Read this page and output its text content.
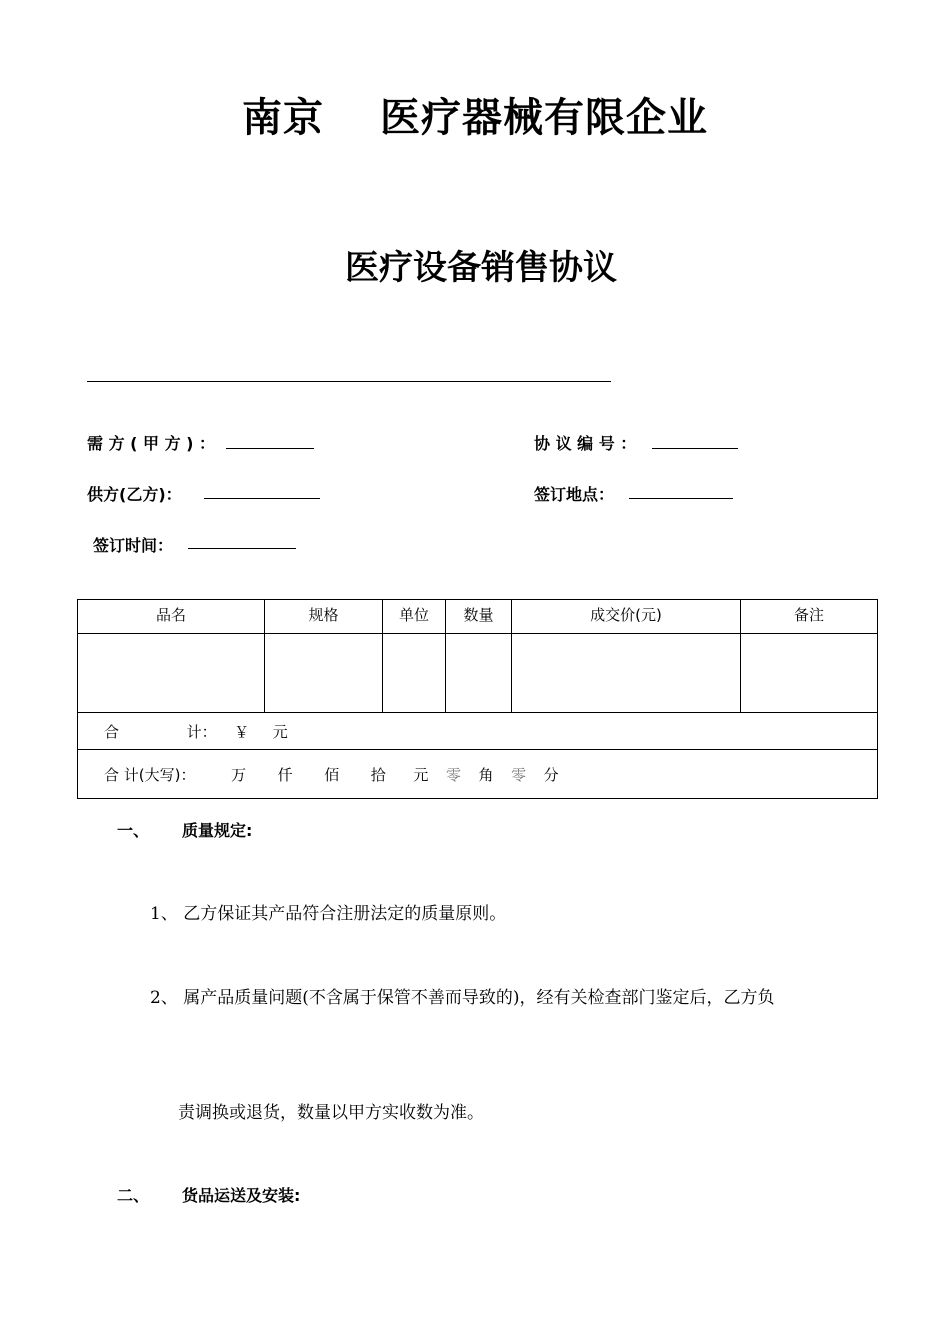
南京 医疗器械有限企业
医疗设备销售协议
需 方 ( 甲 方 ) ：	协 议 编 号 ：
供方(乙方)：	签订地点：
签订时间：
品名	规格	单位	数量	成交价(元)	备注

合 计： ￥ 元					
合 计(大写)： 万 仟 佰 拾 元 零 角 零 分					
一、 质量规定:
1、 乙方保证其产品符合注册法定的质量原则。
2、 属产品质量问题(不含属于保管不善而导致的)，经有关检查部门鉴定后，乙方负
责调换或退货，数量以甲方实收数为准。
二、 货品运送及安装:
